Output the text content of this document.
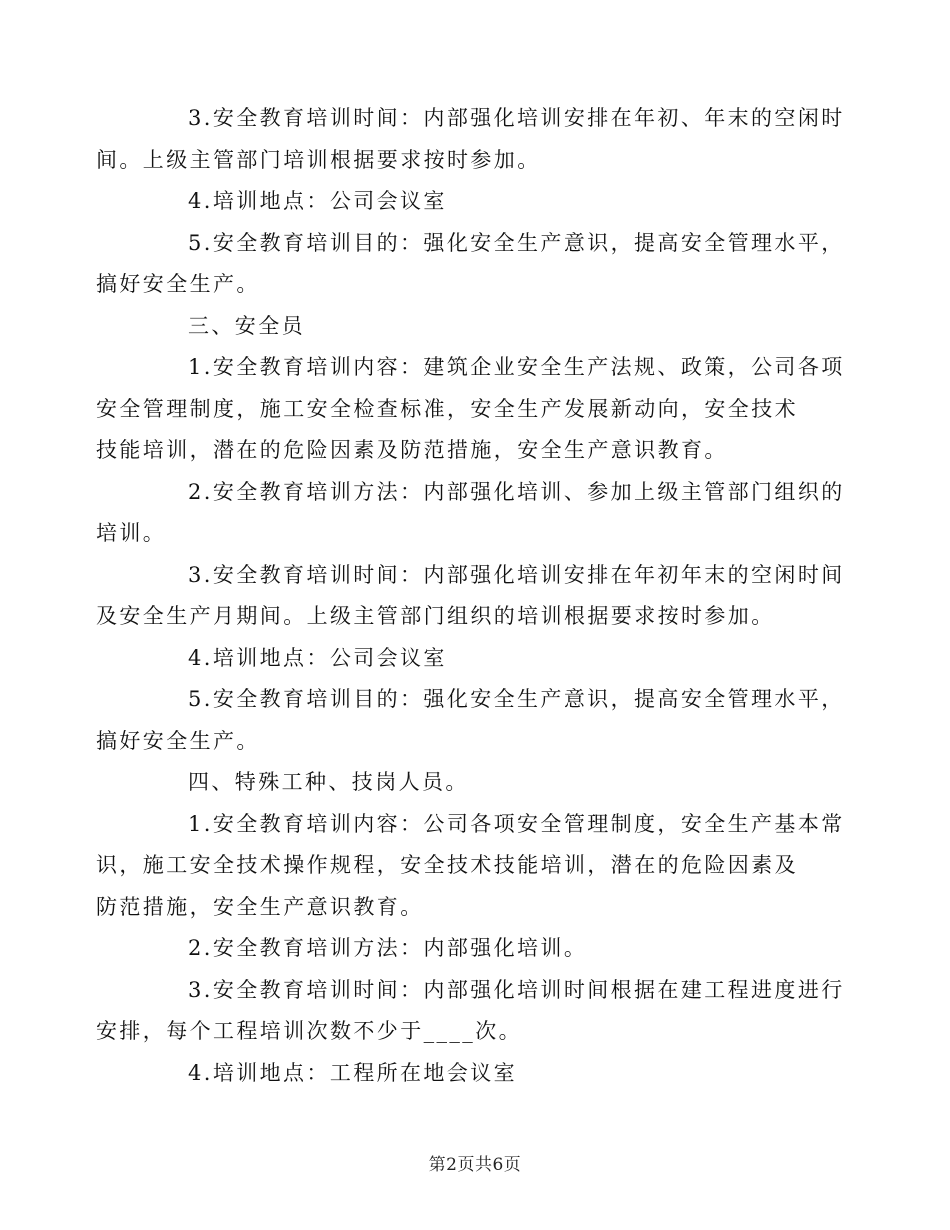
3.安全教育培训时间：内部强化培训安排在年初、年末的空闲时
间。上级主管部门培训根据要求按时参加。

4.培训地点：公司会议室

5.安全教育培训目的：强化安全生产意识，提高安全管理水平，
搞好安全生产。

三、安全员

1.安全教育培训内容：建筑企业安全生产法规、政策，公司各项
安全管理制度，施工安全检查标准，安全生产发展新动向，安全技术
技能培训，潜在的危险因素及防范措施，安全生产意识教育。

2.安全教育培训方法：内部强化培训、参加上级主管部门组织的
培训。

3.安全教育培训时间：内部强化培训安排在年初年末的空闲时间
及安全生产月期间。上级主管部门组织的培训根据要求按时参加。

4.培训地点：公司会议室

5.安全教育培训目的：强化安全生产意识，提高安全管理水平，
搞好安全生产。

四、特殊工种、技岗人员。

1.安全教育培训内容：公司各项安全管理制度，安全生产基本常
识，施工安全技术操作规程，安全技术技能培训，潜在的危险因素及
防范措施，安全生产意识教育。

2.安全教育培训方法：内部强化培训。

3.安全教育培训时间：内部强化培训时间根据在建工程进度进行
安排，每个工程培训次数不少于____次。

4.培训地点：工程所在地会议室

第2页共6页
